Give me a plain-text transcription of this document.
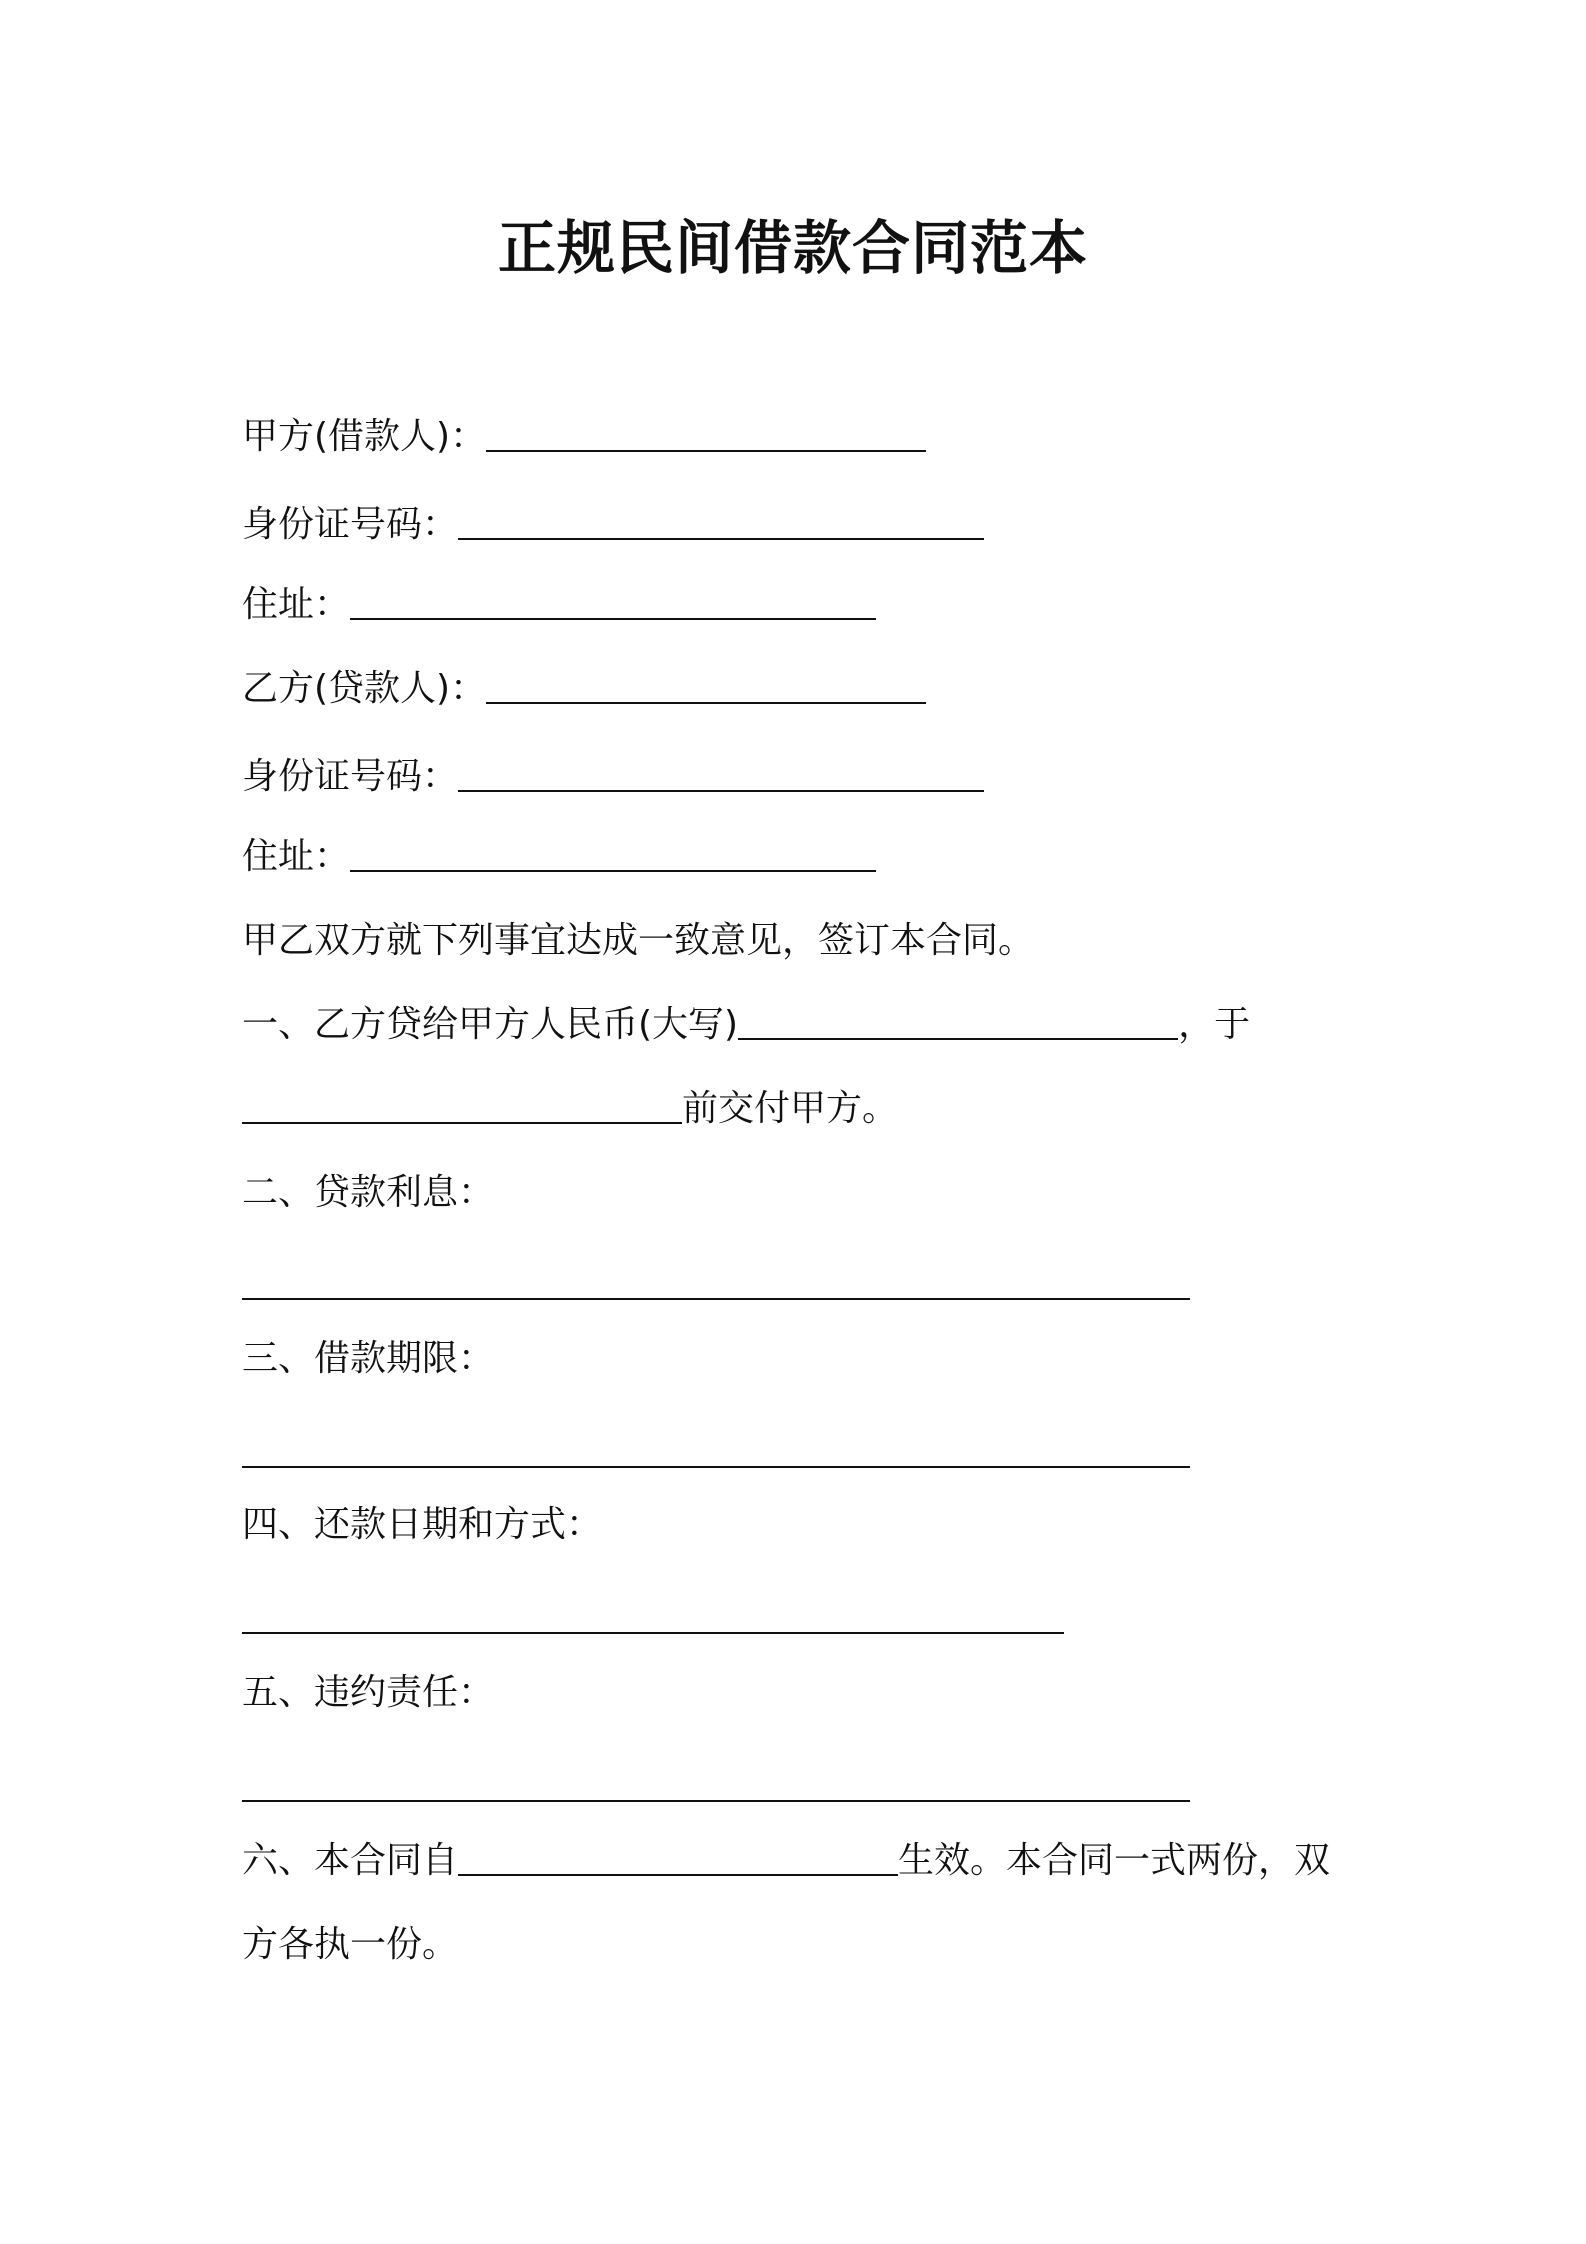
正规民间借款合同范本
甲方(借款人)：
身份证号码：
住址：
乙方(贷款人)：
身份证号码：
住址：
甲乙双方就下列事宜达成一致意见，签订本合同。
一、乙方贷给甲方人民币(大写)	，于
前交付甲方。
二、贷款利息：
三、借款期限：
四、还款日期和方式：
五、违约责任：
六、本合同自	生效。本合同一式两份，双
方各执一份。
